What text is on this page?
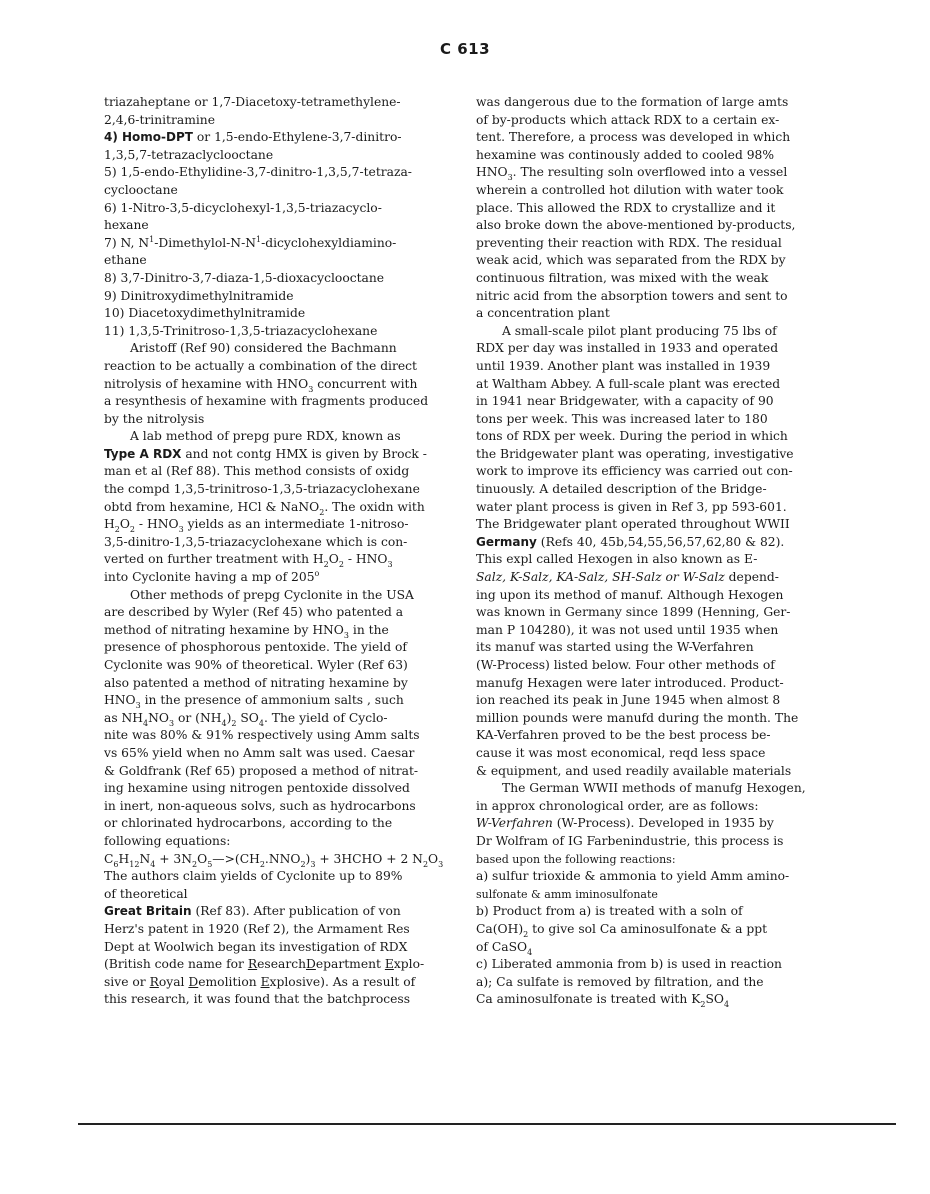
C 613
triazaheptane or 1,7-Diacetoxy-tetramethylene-
2,4,6-trinitramine
4) Homo-DPT or 1,5-endo-Ethylene-3,7-dinitro-
1,3,5,7-tetrazaclyclooctane
5) 1,5-endo-Ethylidine-3,7-dinitro-1,3,5,7-tetraza-
cyclooctane
6) 1-Nitro-3,5-dicyclohexyl-1,3,5-triazacyclo-
hexane
7) N, $N^1-Dimethylol-N-N^1-dicyclohexyldiamino-$
ethane
8) 3,7-Dinitro-3,7-diaza-1,5-dioxacyclooctane
9) Dinitroxydimethylnitramide
10) Diacetoxydimethylnitramide
11) 1,3,5-Trinitroso-1,3,5-triazacyclohexane
Aristoff (Ref 90) considered the Bachmann
reaction to be actually a combination of the direct
nitrolysis of hexamine with $HNO_3$ concurrent with
a resynthesis of hexamine with fragments produced
by the nitrolysis
A lab method of prepg pure RDX, known as
Type A RDX and not contg HMX is given by Brock -
man et al (Ref 88). This method consists of oxidg
the compd 1,3,5-trinitroso-1,3,5-triazacyclohexane
obtd from hexamine, HCl & NaNO$_2$. The oxidn with
$H_2O_2 - HNO_3$ yields as an intermediate 1-nitroso-
3,5-dinitro-1,3,5-triazacyclohexane which is con-
verted on further treatment with $H_2O_2 - HNO_3$
into Cyclonite having a mp of 205$^o$
Other methods of prepg Cyclonite in the USA
are described by Wyler (Ref 45) who patented a
method of nitrating hexamine by $HNO_3$ in the
presence of phosphorous pentoxide. The yield of
Cyclonite was 90% of theoretical. Wyler (Ref 63)
also patented a method of nitrating hexamine by
$HNO_3$ in the presence of ammonium salts , such
as $NH_4NO_3$ or $(NH_4)_2$ $SO_4$. The yield of Cyclo-
nite was 80% & 91% respectively using Amm salts
vs 65% yield when no Amm salt was used. Caesar
& Goldfrank (Ref 65) proposed a method of nitrat-
ing hexamine using nitrogen pentoxide dissolved
in inert, non-aqueous solvs, such as hydrocarbons
or chlorinated hydrocarbons, according to the
following equations:
$C_6H_{12}N_4$ + $3N_2O_5—>(CH_2.NNO_2)_3$ + 3HCHO + 2 $N_2O_3$
The authors claim yields of Cyclonite up to 89%
of theoretical
Great Britain (Ref 83). After publication of von
Herz's patent in 1920 (Ref 2), the Armament Res
Dept at Woolwich began its investigation of RDX
(British code name for ResearchDepartment Explo-
sive or Royal Demolition Explosive). As a result of
this research, it was found that the batchprocess
was dangerous due to the formation of large amts
of by-products which attack RDX to a certain ex-
tent. Therefore, a process was developed in which
hexamine was continously added to cooled 98%
$HNO_3$. The resulting soln overflowed into a vessel
wherein a controlled hot dilution with water took
place. This allowed the RDX to crystallize and it
also broke down the above-mentioned by-products,
preventing their reaction with RDX. The residual
weak acid, which was separated from the RDX by
continuous filtration, was mixed with the weak
nitric acid from the absorption towers and sent to
a concentration plant
A small-scale pilot plant producing 75 lbs of
RDX per day was installed in 1933 and operated
until 1939. Another plant was installed in 1939
at Waltham Abbey. A full-scale plant was erected
in 1941 near Bridgewater, with a capacity of 90
tons per week. This was increased later to 180
tons of RDX per week. During the period in which
the Bridgewater plant was operating, investigative
work to improve its efficiency was carried out con-
tinuously. A detailed description of the Bridge-
water plant process is given in Ref 3, pp 593-601.
The Bridgewater plant operated throughout WWII
Germany (Refs 40, 45b,54,55,56,57,62,80 & 82).
This expl called Hexogen in also known as E-
Salz, K-Salz, KA-Salz, SH-Salz or W-Salz depend-
ing upon its method of manuf. Although Hexogen
was known in Germany since 1899 (Henning, Ger-
man P 104280), it was not used until 1935 when
its manuf was started using the W-Verfahren
(W-Process) listed below. Four other methods of
manufg Hexagen were later introduced. Product-
ion reached its peak in June 1945 when almost 8
million pounds were manufd during the month. The
KA-Verfahren proved to be the best process be-
cause it was most economical, reqd less space
& equipment, and used readily available materials
The German WWII methods of manufg Hexogen,
in approx chronological order, are as follows:
W-Verfahren (W-Process). Developed in 1935 by
Dr Wolfram of IG Farbenindustrie, this process is
based upon the following reactions:
a) sulfur trioxide & ammonia to yield Amm amino-
sulfonate & amm iminosulfonate
b) Product from a) is treated with a soln of
$Ca(OH)_2$ to give sol Ca aminosulfonate & a ppt
of CaSO$_4$
c) Liberated ammonia from b) is used in reaction
a); Ca sulfate is removed by filtration, and the
Ca aminosulfonate is treated with $K_2SO_4$
